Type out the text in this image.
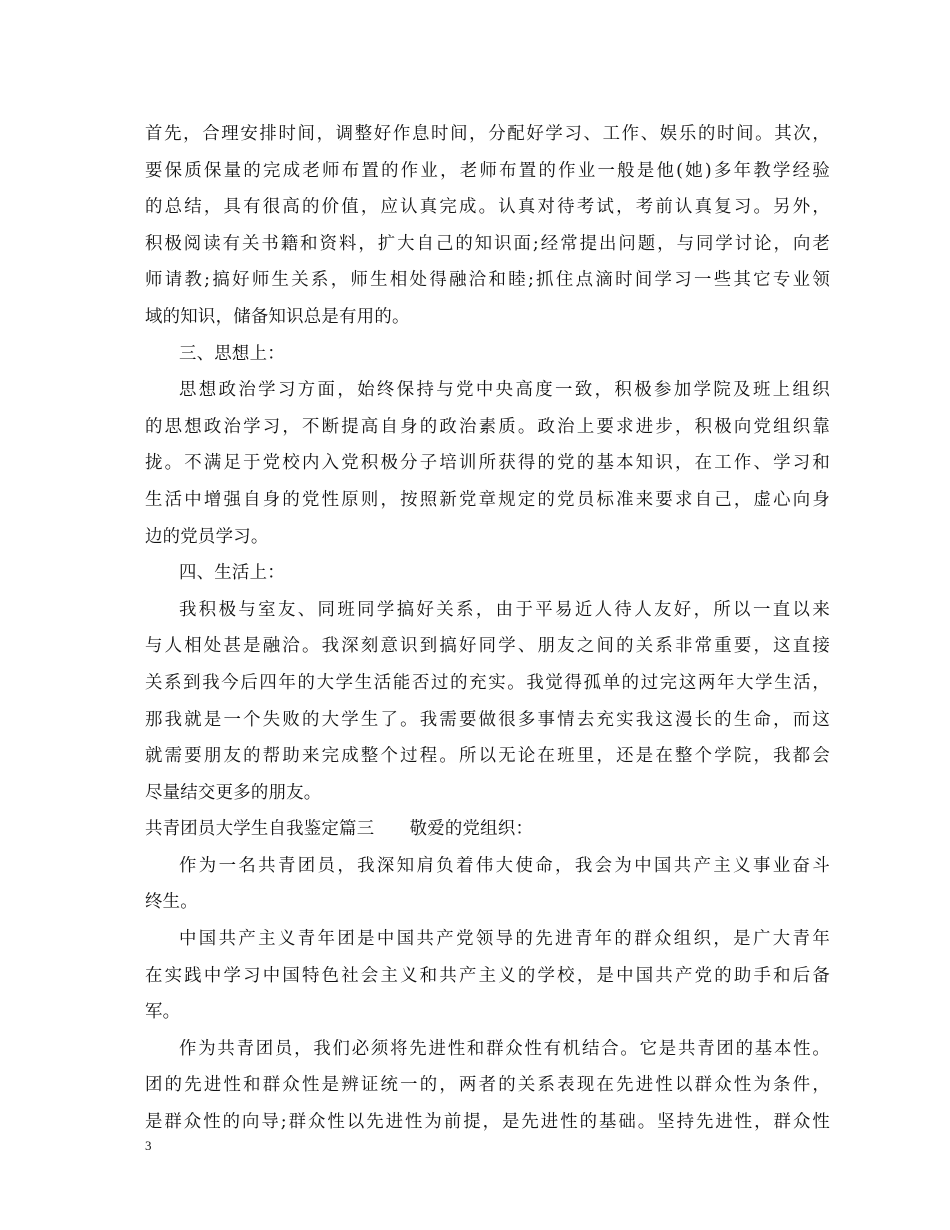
首先，合理安排时间，调整好作息时间，分配好学习、工作、娱乐的时间。其次，
要保质保量的完成老师布置的作业，老师布置的作业一般是他(她)多年教学经验
的总结，具有很高的价值，应认真完成。认真对待考试，考前认真复习。另外，
积极阅读有关书籍和资料，扩大自己的知识面;经常提出问题，与同学讨论，向老
师请教;搞好师生关系，师生相处得融洽和睦;抓住点滴时间学习一些其它专业领
域的知识，储备知识总是有用的。
三、思想上：
思想政治学习方面，始终保持与党中央高度一致，积极参加学院及班上组织
的思想政治学习，不断提高自身的政治素质。政治上要求进步，积极向党组织靠
拢。不满足于党校内入党积极分子培训所获得的党的基本知识，在工作、学习和
生活中增强自身的党性原则，按照新党章规定的党员标准来要求自己，虚心向身
边的党员学习。
四、生活上：
我积极与室友、同班同学搞好关系，由于平易近人待人友好，所以一直以来
与人相处甚是融洽。我深刻意识到搞好同学、朋友之间的关系非常重要，这直接
关系到我今后四年的大学生活能否过的充实。我觉得孤单的过完这两年大学生活，
那我就是一个失败的大学生了。我需要做很多事情去充实我这漫长的生命，而这
就需要朋友的帮助来完成整个过程。所以无论在班里，还是在整个学院，我都会
尽量结交更多的朋友。
共青团员大学生自我鉴定篇三　　敬爱的党组织：
作为一名共青团员，我深知肩负着伟大使命，我会为中国共产主义事业奋斗
终生。
中国共产主义青年团是中国共产党领导的先进青年的群众组织，是广大青年
在实践中学习中国特色社会主义和共产主义的学校，是中国共产党的助手和后备
军。
作为共青团员，我们必须将先进性和群众性有机结合。它是共青团的基本性。
团的先进性和群众性是辨证统一的，两者的关系表现在先进性以群众性为条件，
是群众性的向导;群众性以先进性为前提，是先进性的基础。坚持先进性，群众性
3
